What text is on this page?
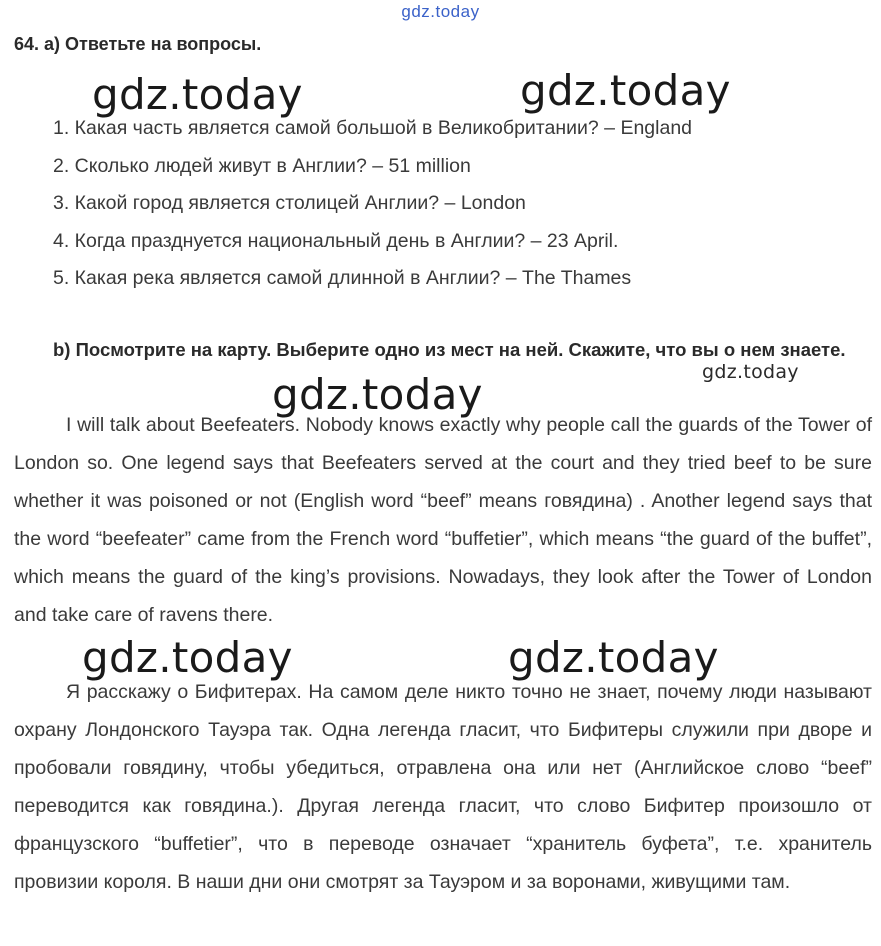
gdz.today
64. a) Ответьте на вопросы.
1. Какая часть является самой большой в Великобритании? – England
2. Сколько людей живут в Англии? – 51 million
3. Какой город является столицей Англии? – London
4. Когда празднуется национальный день в Англии? – 23 April.
5. Какая река является самой длинной в Англии? – The Thames
b) Посмотрите на карту. Выберите одно из мест на ней. Скажите, что вы о нем знаете.

I will talk about Beefeaters. Nobody knows exactly why people call the guards of the Tower of London so. One legend says that Beefeaters served at the court and they tried beef to be sure whether it was poisoned or not (English word “beef” means говядина) . Another legend says that the word “beefeater” came from the French word “buffetier”, which means “the guard of the buffet”, which means the guard of the king’s provisions. Nowadays, they look after the Tower of London and take care of ravens there.

Я расскажу о Бифитерах. На самом деле никто точно не знает, почему люди называют охрану Лондонского Тауэра так. Одна легенда гласит, что Бифитеры служили при дворе и пробовали говядину, чтобы убедиться, отравлена она или нет (Английское слово “beef” переводится как говядина.). Другая легенда гласит, что слово Бифитер произошло от французского “buffetier”, что в переводе означает “хранитель буфета”, т.е. хранитель провизии короля. В наши дни они смотрят за Тауэром и за воронами, живущими там.

gdz.today	gdz.today
gdz.today	gdz.today
gdz.today	gdz.today
